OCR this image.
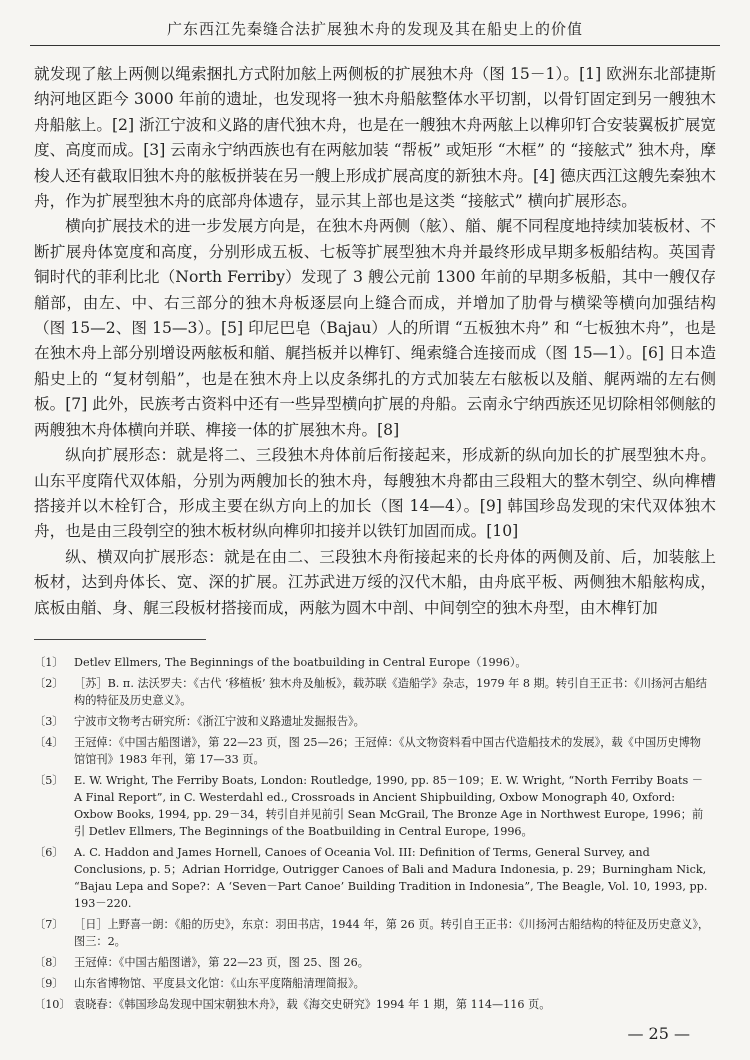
广东西江先秦缝合法扩展独木舟的发现及其在船史上的价值

就发现了舷上两侧以绳索捆扎方式附加舷上两侧板的扩展独木舟（图 15－1）。[1] 欧洲东北部捷斯纳河地区距今 3000 年前的遗址，也发现将一独木舟船舷整体水平切割，以骨钉固定到另一艘独木舟船舷上。[2] 浙江宁波和义路的唐代独木舟，也是在一艘独木舟两舷上以榫卯钉合安装翼板扩展宽度、高度而成。[3] 云南永宁纳西族也有在两舷加装 “帮板” 或矩形 “木框” 的 “接舷式” 独木舟，摩梭人还有截取旧独木舟的舷板拼装在另一艘上形成扩展高度的新独木舟。[4] 德庆西江这艘先秦独木舟，作为扩展型独木舟的底部舟体遗存，显示其上部也是这类 “接舷式” 横向扩展形态。

横向扩展技术的进一步发展方向是，在独木舟两侧（舷）、艏、艉不同程度地持续加装板材、不断扩展舟体宽度和高度，分别形成五板、七板等扩展型独木舟并最终形成早期多板船结构。英国青铜时代的菲利比北（North Ferriby）发现了 3 艘公元前 1300 年前的早期多板船，其中一艘仅存艏部，由左、中、右三部分的独木舟板逐层向上缝合而成，并增加了肋骨与横梁等横向加强结构（图 15—2、图 15—3）。[5] 印尼巴皂（Bajau）人的所谓 “五板独木舟” 和 “七板独木舟”，也是在独木舟上部分别增设两舷板和艏、艉挡板并以榫钉、绳索缝合连接而成（图 15—1）。[6] 日本造船史上的 “复材刳船”，也是在独木舟上以皮条绑扎的方式加装左右舷板以及艏、艉两端的左右侧板。[7] 此外，民族考古资料中还有一些异型横向扩展的舟船。云南永宁纳西族还见切除相邻侧舷的两艘独木舟体横向并联、榫接一体的扩展独木舟。[8]

纵向扩展形态：就是将二、三段独木舟体前后衔接起来，形成新的纵向加长的扩展型独木舟。山东平度隋代双体船，分别为两艘加长的独木舟，每艘独木舟都由三段粗大的整木刳空、纵向榫槽搭接并以木栓钉合，形成主要在纵方向上的加长（图 14—4）。[9] 韩国珍岛发现的宋代双体独木舟，也是由三段刳空的独木板材纵向榫卯扣接并以铁钉加固而成。[10]

纵、横双向扩展形态：就是在由二、三段独木舟衔接起来的长舟体的两侧及前、后，加装舷上板材，达到舟体长、宽、深的扩展。江苏武进万绥的汉代木船，由舟底平板、两侧独木船舷构成，底板由艏、身、艉三段板材搭接而成，两舷为圆木中剖、中间刳空的独木舟型，由木榫钉加

〔1〕 Detlev Ellmers, The Beginnings of the boatbuilding in Central Europe（1996）。
〔2〕 ［苏］B. п. 法沃罗夫：《古代 ‘移植板’ 独木舟及舢板》，载苏联《造船学》杂志，1979 年 8 期。转引自王正书：《川扬河古船结构的特征及历史意义》。
〔3〕 宁波市文物考古研究所：《浙江宁波和义路遗址发掘报告》。
〔4〕 王冠倬：《中国古船图谱》，第 22—23 页，图 25—26；王冠倬：《从文物资料看中国古代造船技术的发展》，载《中国历史博物馆馆刊》1983 年刊，第 17—33 页。
〔5〕 E. W. Wright, The Ferriby Boats, London: Routledge, 1990, pp. 85－109；E. W. Wright, “North Ferriby Boats － A Final Report”, in C. Westerdahl ed., Crossroads in Ancient Shipbuilding, Oxbow Monograph 40, Oxford: Oxbow Books, 1994, pp. 29－34，转引自并见前引 Sean McGrail, The Bronze Age in Northwest Europe, 1996；前引 Detlev Ellmers, The Beginnings of the Boatbuilding in Central Europe, 1996。
〔6〕 A. C. Haddon and James Hornell, Canoes of Oceania Vol. III: Definition of Terms, General Survey, and Conclusions, p. 5；Adrian Horridge, Outrigger Canoes of Bali and Madura Indonesia, p. 29；Burningham Nick, “Bajau Lepa and Sope?：A ‘Seven－Part Canoe’ Building Tradition in Indonesia”, The Beagle, Vol. 10, 1993, pp. 193－220.
〔7〕 ［日］上野喜一朗：《船的历史》，东京：羽田书店，1944 年，第 26 页。转引自王正书：《川扬河古船结构的特征及历史意义》，图三：2。
〔8〕 王冠倬：《中国古船图谱》，第 22—23 页，图 25、图 26。
〔9〕 山东省博物馆、平度县文化馆：《山东平度隋船清理简报》。
〔10〕 袁晓春：《韩国珍岛发现中国宋朝独木舟》，载《海交史研究》1994 年 1 期，第 114—116 页。
— 25 —
